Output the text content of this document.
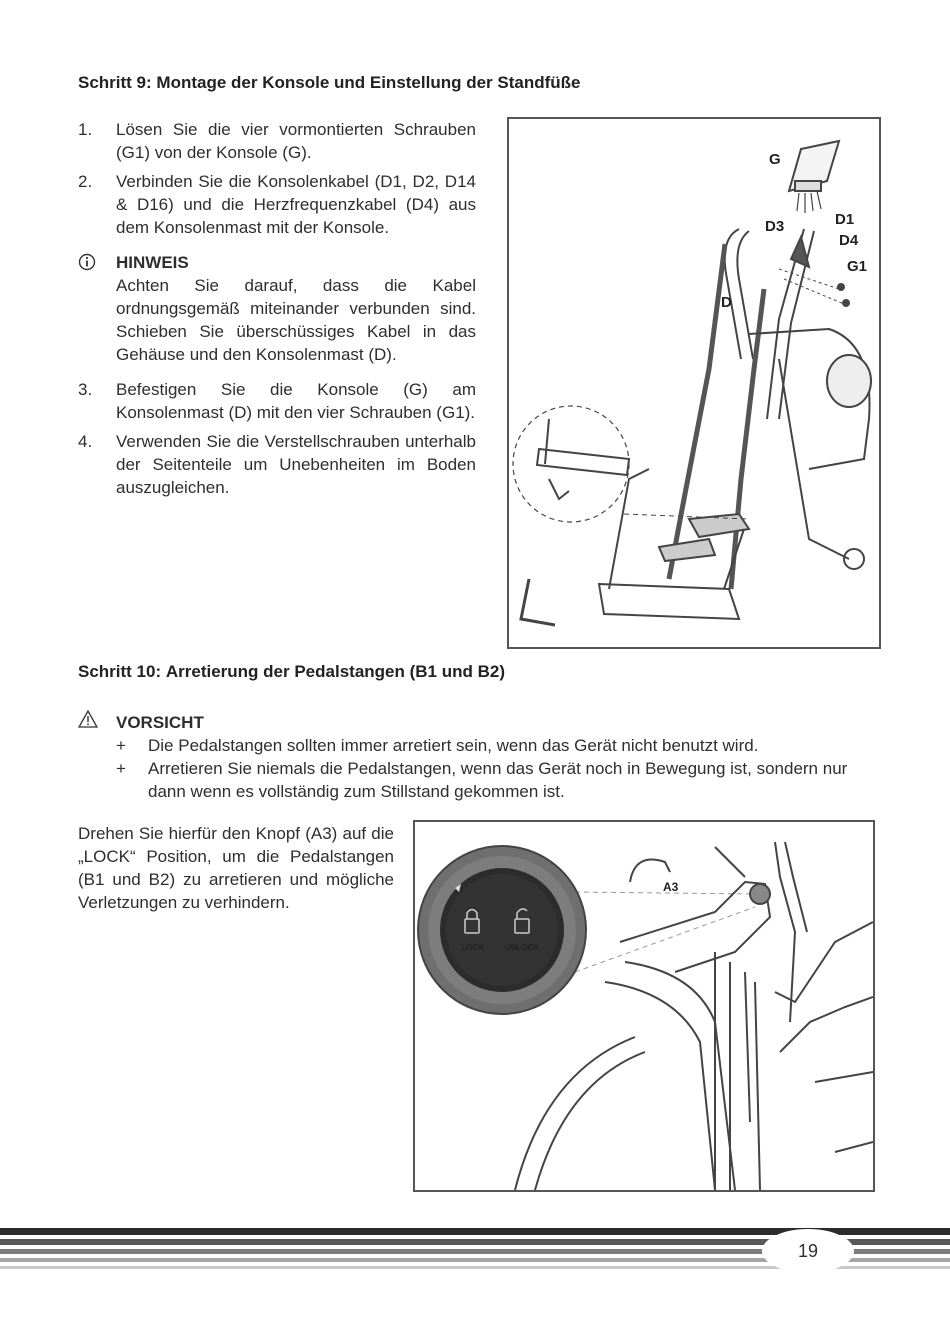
Schritt 9: Montage der Konsole und Einstellung der Standfüße
1.	Lösen Sie die vier vormontierten Schrauben (G1) von der Konsole (G).
2.	Verbinden Sie die Konsolenkabel (D1, D2, D14 & D16) und die Herzfrequenzkabel (D4) aus dem Konsolenmast mit der Konsole.
HINWEIS
Achten Sie darauf, dass die Kabel ordnungsgemäß miteinander verbunden sind. Schieben Sie überschüssiges Kabel in das Gehäuse und den Konsolenmast (D).
3.	Befestigen Sie die Konsole (G) am Konsolenmast (D) mit den vier Schrauben (G1).
4.	Verwenden Sie die Verstellschrauben unterhalb der Seitenteile um Unebenheiten im Boden auszugleichen.
G
D1
D3
D4
G1
D
Schritt 10: Arretierung der Pedalstangen (B1 und B2)
VORSICHT
+	Die Pedalstangen sollten immer arretiert sein, wenn das Gerät nicht benutzt wird.
+	Arretieren Sie niemals die Pedalstangen, wenn das Gerät noch in Bewegung ist, sondern nur dann wenn es vollständig zum Stillstand gekommen ist.
Drehen Sie hierfür den Knopf (A3) auf die „LOCK“ Position, um die Pedalstangen (B1 und B2) zu arretieren und mögliche Verletzungen zu verhindern.
LOCK	UNLOCK
A3
19
